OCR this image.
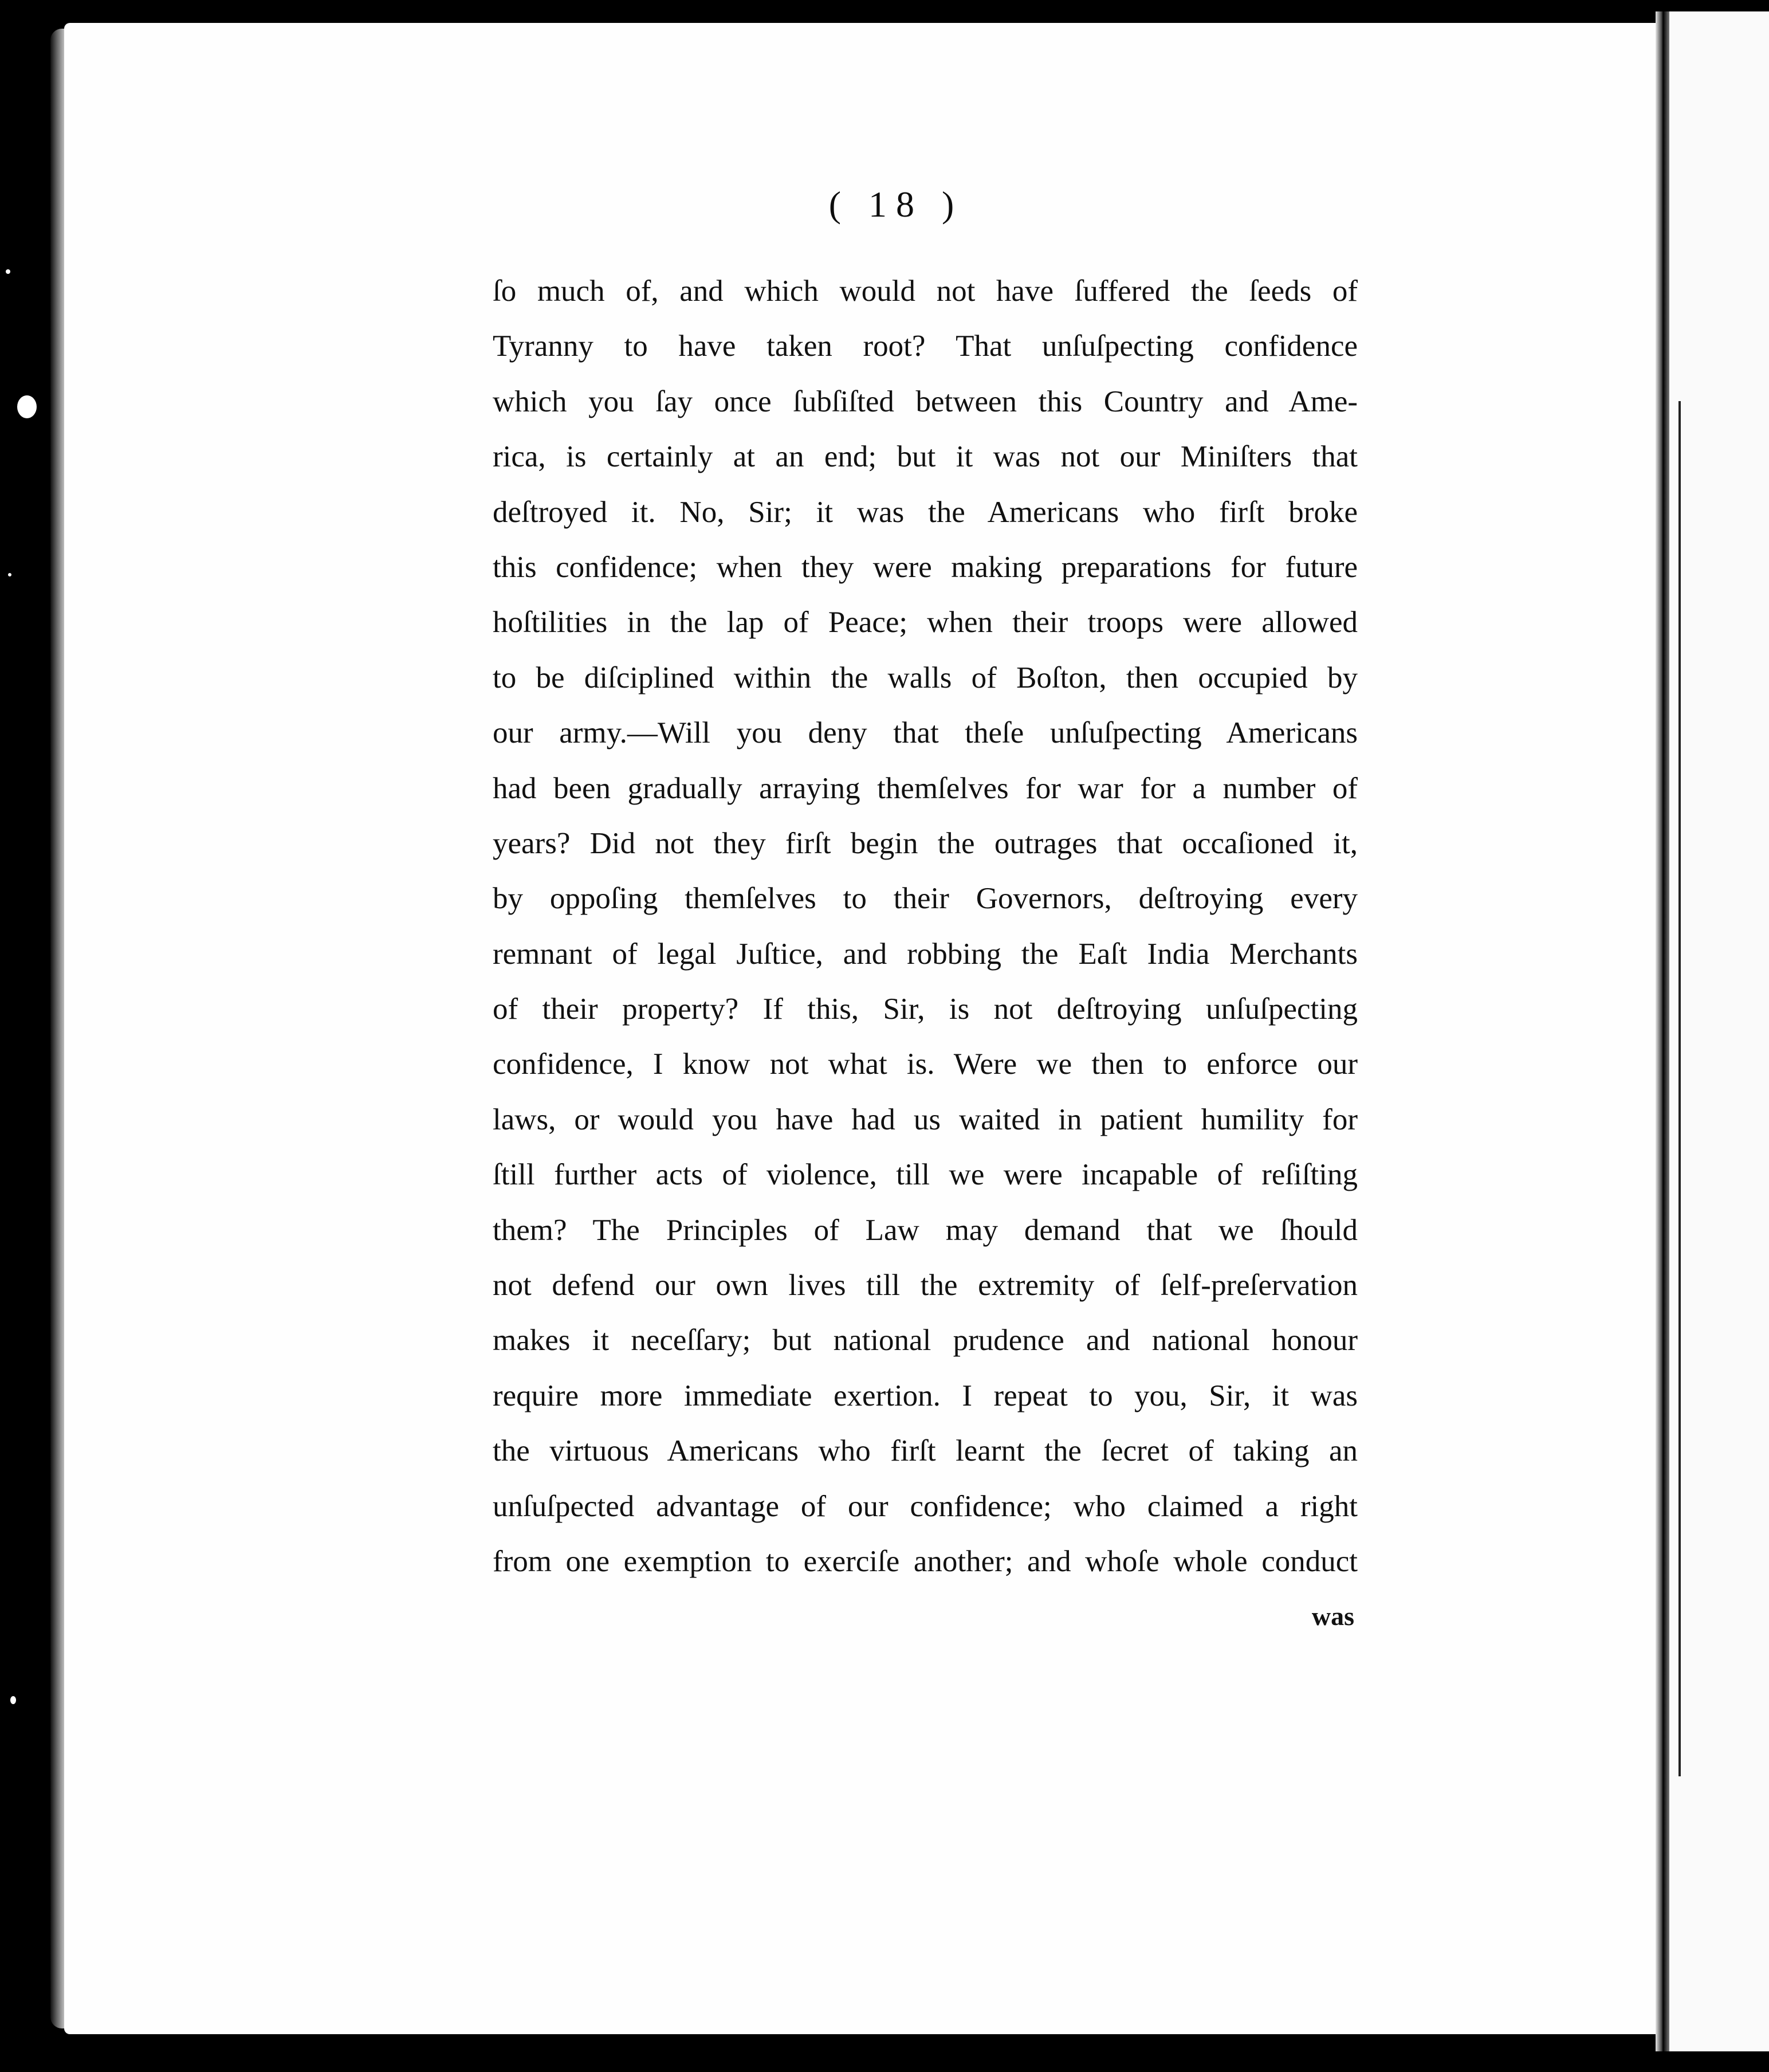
( 18 )

ſo much of, and which would not have ſuffered the ſeeds of

Tyranny to have taken root? That unſuſpecting confidence

which you ſay once ſubſiſted between this Country and Ame-

rica, is certainly at an end; but it was not our Miniſters that

deſtroyed it. No, Sir; it was the Americans who firſt broke

this confidence; when they were making preparations for future

hoſtilities in the lap of Peace; when their troops were allowed

to be diſciplined within the walls of Boſton, then occupied by

our army.—Will you deny that theſe unſuſpecting Americans

had been gradually arraying themſelves for war for a number of

years? Did not they firſt begin the outrages that occaſioned it,

by oppoſing themſelves to their Governors, deſtroying every

remnant of legal Juſtice, and robbing the Eaſt India Merchants

of their property? If this, Sir, is not deſtroying unſuſpecting

confidence, I know not what is. Were we then to enforce our

laws, or would you have had us waited in patient humility for

ſtill further acts of violence, till we were incapable of reſiſting

them? The Principles of Law may demand that we ſhould

not defend our own lives till the extremity of ſelf-preſervation

makes it neceſſary; but national prudence and national honour

require more immediate exertion. I repeat to you, Sir, it was

the virtuous Americans who firſt learnt the ſecret of taking an

unſuſpected advantage of our confidence; who claimed a right

from one exemption to exerciſe another; and whoſe whole conduct

was
